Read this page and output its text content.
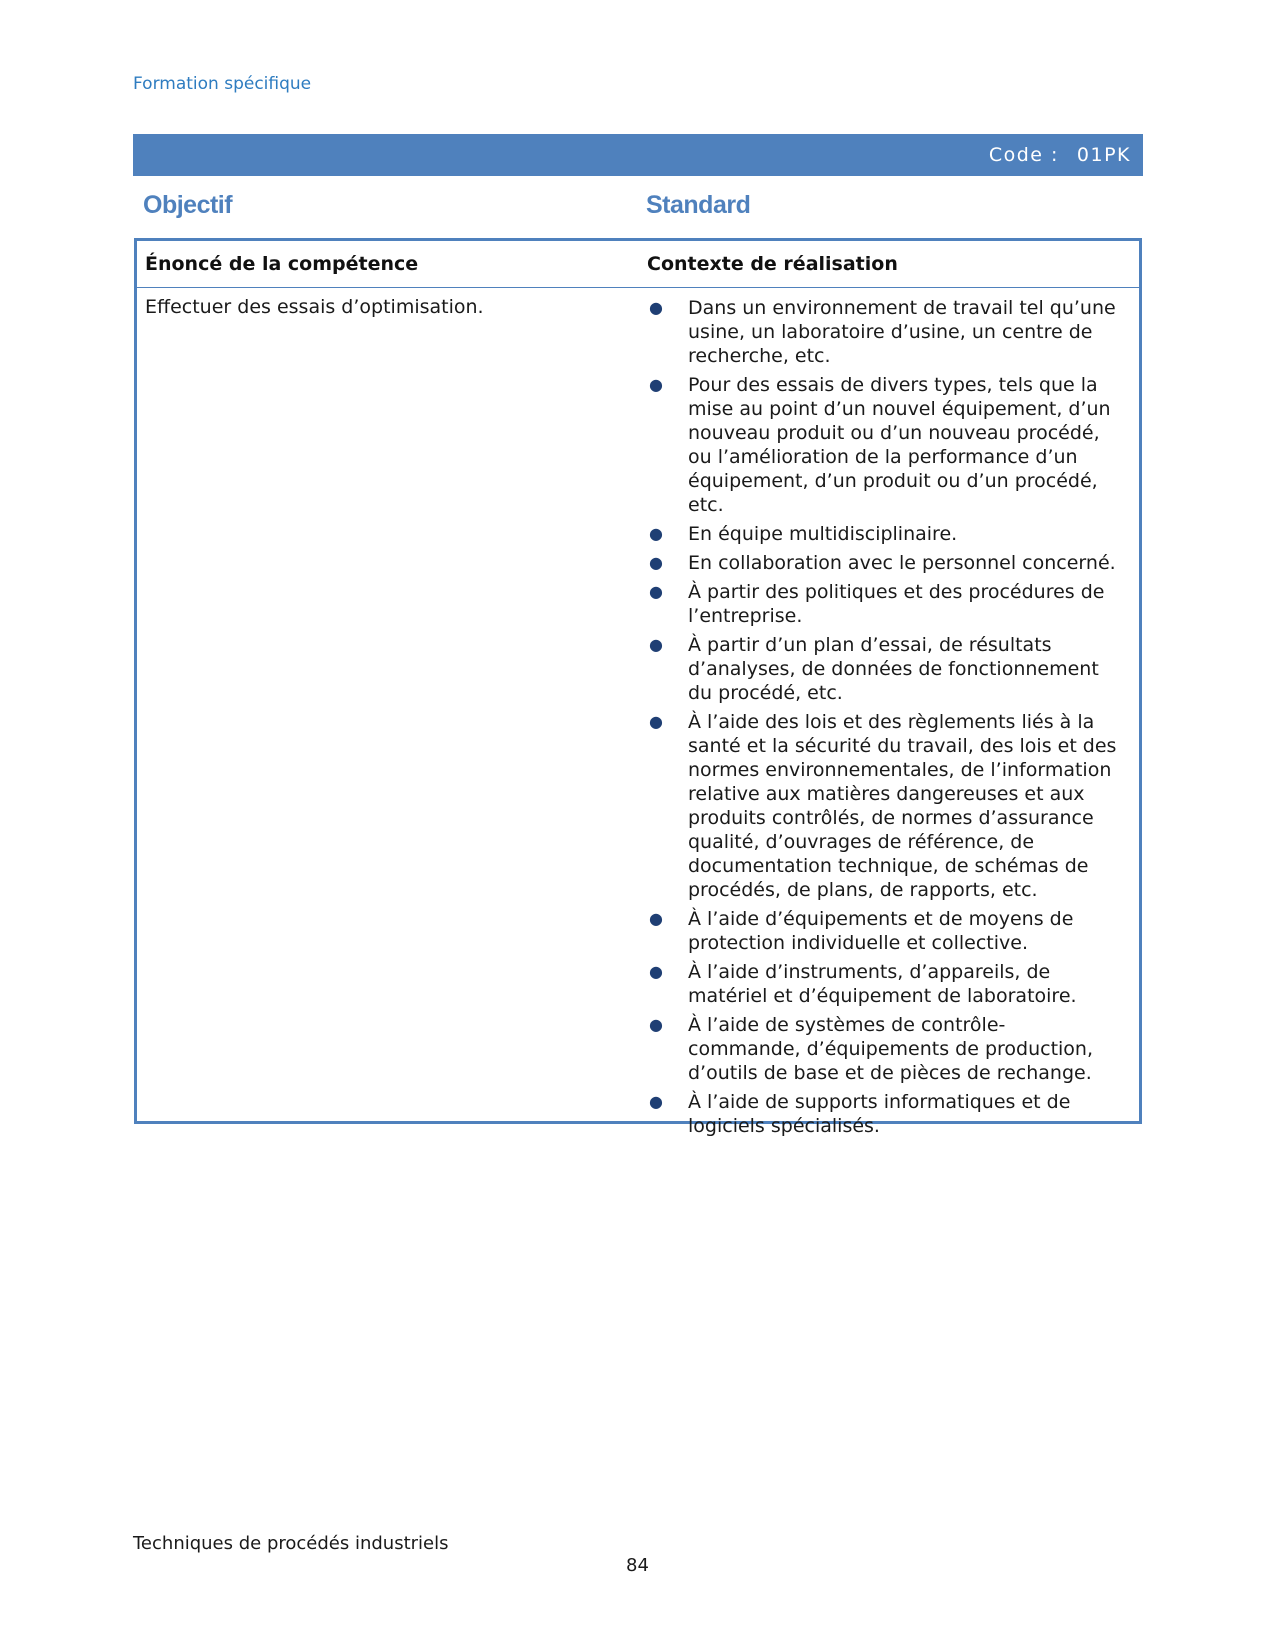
Formation spécifique
Code : 01PK
Objectif	Standard
Énoncé de la compétence	Contexte de réalisation
Effectuer des essais d’optimisation.	● Dans un environnement de travail tel qu’une usine, un laboratoire d’usine, un centre de recherche, etc.
● Pour des essais de divers types, tels que la mise au point d’un nouvel équipement, d’un nouveau produit ou d’un nouveau procédé, ou l’amélioration de la performance d’un équipement, d’un produit ou d’un procédé, etc.
● En équipe multidisciplinaire.
● En collaboration avec le personnel concerné.
● À partir des politiques et des procédures de l’entreprise.
● À partir d’un plan d’essai, de résultats d’analyses, de données de fonctionnement du procédé, etc.
● À l’aide des lois et des règlements liés à la santé et la sécurité du travail, des lois et des normes environnementales, de l’information relative aux matières dangereuses et aux produits contrôlés, de normes d’assurance qualité, d’ouvrages de référence, de documentation technique, de schémas de procédés, de plans, de rapports, etc.
● À l’aide d’équipements et de moyens de protection individuelle et collective.
● À l’aide d’instruments, d’appareils, de matériel et d’équipement de laboratoire.
● À l’aide de systèmes de contrôle-commande, d’équipements de production, d’outils de base et de pièces de rechange.
● À l’aide de supports informatiques et de logiciels spécialisés.
Techniques de procédés industriels
84
